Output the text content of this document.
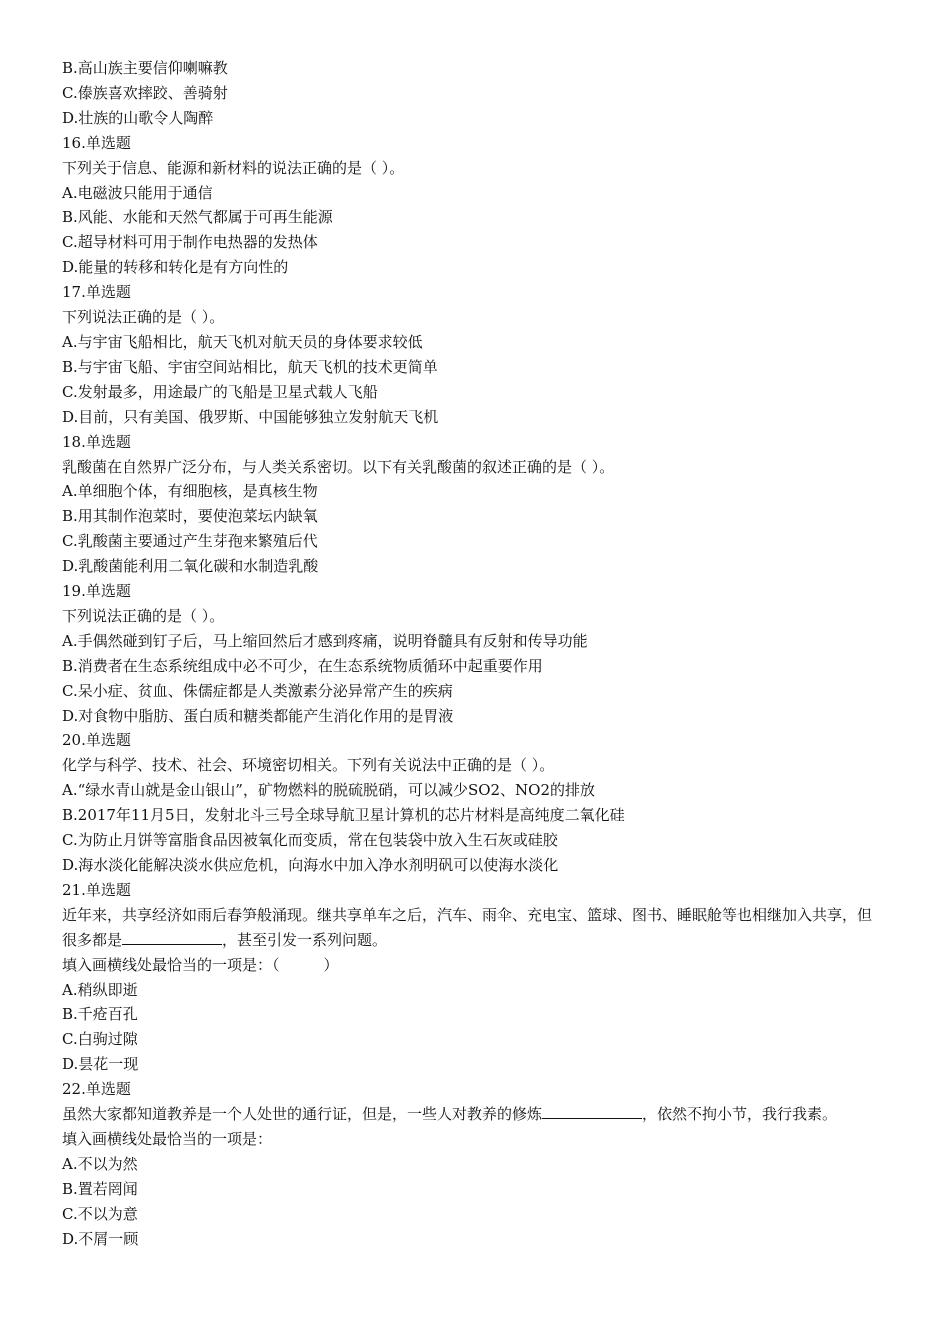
B.高山族主要信仰喇嘛教
C.傣族喜欢摔跤、善骑射
D.壮族的山歌令人陶醉
16.单选题
下列关于信息、能源和新材料的说法正确的是（ ）。
A.电磁波只能用于通信
B.风能、水能和天然气都属于可再生能源
C.超导材料可用于制作电热器的发热体
D.能量的转移和转化是有方向性的
17.单选题
下列说法正确的是（ ）。
A.与宇宙飞船相比，航天飞机对航天员的身体要求较低
B.与宇宙飞船、宇宙空间站相比，航天飞机的技术更简单
C.发射最多，用途最广的飞船是卫星式载人飞船
D.目前，只有美国、俄罗斯、中国能够独立发射航天飞机
18.单选题
乳酸菌在自然界广泛分布，与人类关系密切。以下有关乳酸菌的叙述正确的是（ ）。
A.单细胞个体，有细胞核，是真核生物
B.用其制作泡菜时，要使泡菜坛内缺氧
C.乳酸菌主要通过产生芽孢来繁殖后代
D.乳酸菌能利用二氧化碳和水制造乳酸
19.单选题
下列说法正确的是（ ）。
A.手偶然碰到钉子后，马上缩回然后才感到疼痛，说明脊髓具有反射和传导功能
B.消费者在生态系统组成中必不可少，在生态系统物质循环中起重要作用
C.呆小症、贫血、侏儒症都是人类激素分泌异常产生的疾病
D.对食物中脂肪、蛋白质和糖类都能产生消化作用的是胃液
20.单选题
化学与科学、技术、社会、环境密切相关。下列有关说法中正确的是（ ）。
A.“绿水青山就是金山银山”，矿物燃料的脱硫脱硝，可以减少SO2、NO2的排放
B.2017年11月5日，发射北斗三号全球导航卫星计算机的芯片材料是高纯度二氧化硅
C.为防止月饼等富脂食品因被氧化而变质，常在包装袋中放入生石灰或硅胶
D.海水淡化能解决淡水供应危机，向海水中加入净水剂明矾可以使海水淡化
21.单选题
近年来，共享经济如雨后春笋般涌现。继共享单车之后，汽车、雨伞、充电宝、篮球、图书、睡眠舱等也相继加入共享，但很多都是	，甚至引发一系列问题。
填入画横线处最恰当的一项是：（	）
A.稍纵即逝
B.千疮百孔
C.白驹过隙
D.昙花一现
22.单选题
虽然大家都知道教养是一个人处世的通行证，但是，一些人对教养的修炼	，依然不拘小节，我行我素。
填入画横线处最恰当的一项是：
A.不以为然
B.置若罔闻
C.不以为意
D.不屑一顾
